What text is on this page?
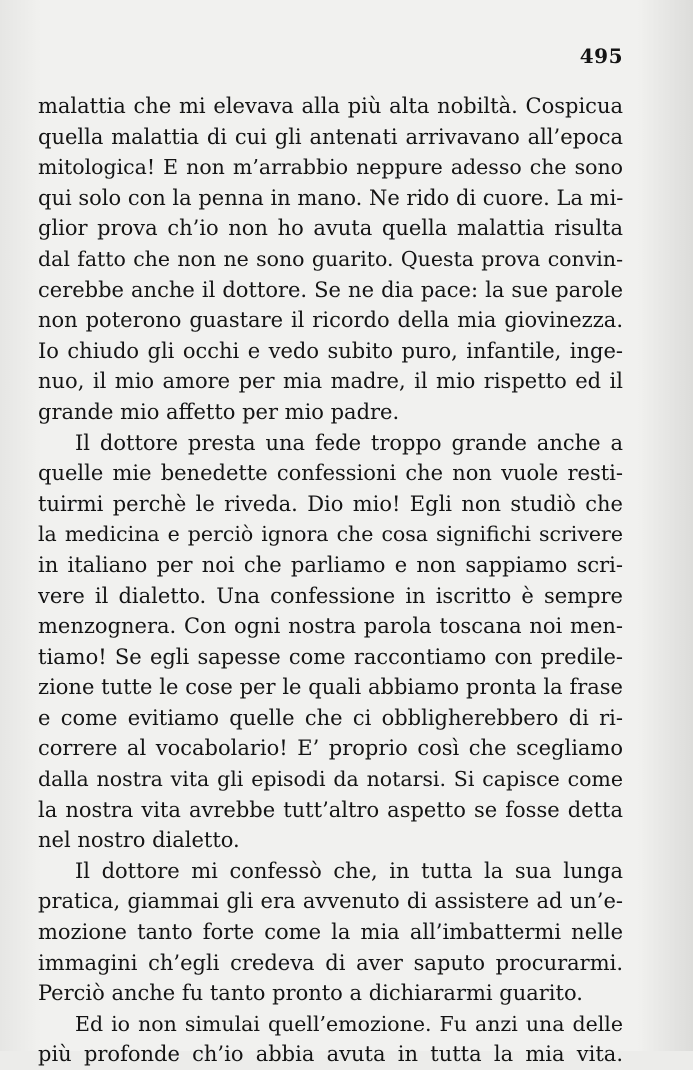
495
malattia che mi elevava alla più alta nobiltà. Cospicua
quella malattia di cui gli antenati arrivavano all’epoca
mitologica! E non m’arrabbio neppure adesso che sono
qui solo con la penna in mano. Ne rido di cuore. La mi-
glior prova ch’io non ho avuta quella malattia risulta
dal fatto che non ne sono guarito. Questa prova convin-
cerebbe anche il dottore. Se ne dia pace: la sue parole
non poterono guastare il ricordo della mia giovinezza.
Io chiudo gli occhi e vedo subito puro, infantile, inge-
nuo, il mio amore per mia madre, il mio rispetto ed il
grande mio affetto per mio padre.
Il dottore presta una fede troppo grande anche a
quelle mie benedette confessioni che non vuole resti-
tuirmi perchè le riveda. Dio mio! Egli non studiò che
la medicina e perciò ignora che cosa significhi scrivere
in italiano per noi che parliamo e non sappiamo scri-
vere il dialetto. Una confessione in iscritto è sempre
menzognera. Con ogni nostra parola toscana noi men-
tiamo! Se egli sapesse come raccontiamo con predile-
zione tutte le cose per le quali abbiamo pronta la frase
e come evitiamo quelle che ci obbligherebbero di ri-
correre al vocabolario! E’ proprio così che scegliamo
dalla nostra vita gli episodi da notarsi. Si capisce come
la nostra vita avrebbe tutt’altro aspetto se fosse detta
nel nostro dialetto.
Il dottore mi confessò che, in tutta la sua lunga
pratica, giammai gli era avvenuto di assistere ad un’e-
mozione tanto forte come la mia all’imbattermi nelle
immagini ch’egli credeva di aver saputo procurarmi.
Perciò anche fu tanto pronto a dichiararmi guarito.
Ed io non simulai quell’emozione. Fu anzi una delle
più profonde ch’io abbia avuta in tutta la mia vita.
